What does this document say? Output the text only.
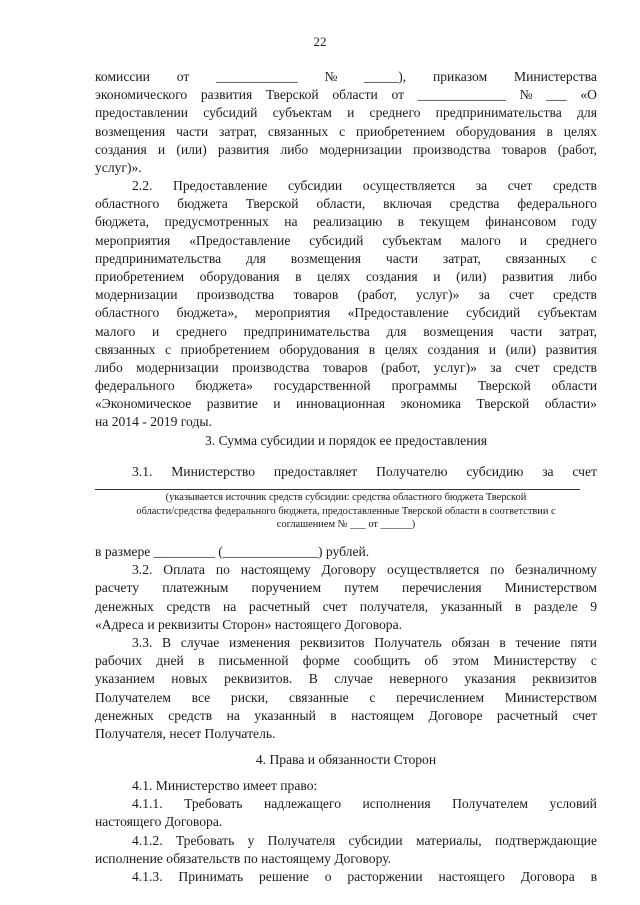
22
комиссии от ____________ № _____), приказом Министерства
экономического развития Тверской области от _____________ № ___ «О
предоставлении субсидий субъектам и среднего предпринимательства для
возмещения части затрат, связанных с приобретением оборудования в целях
создания и (или) развития либо модернизации производства товаров (работ,
услуг)».
2.2. Предоставление субсидии осуществляется за счет средств
областного бюджета Тверской области, включая средства федерального
бюджета, предусмотренных на реализацию в текущем финансовом году
мероприятия «Предоставление субсидий субъектам малого и среднего
предпринимательства для возмещения части затрат, связанных с
приобретением оборудования в целях создания и (или) развития либо
модернизации производства товаров (работ, услуг)» за счет средств
областного бюджета», мероприятия «Предоставление субсидий субъектам
малого и среднего предпринимательства для возмещения части затрат,
связанных с приобретением оборудования в целях создания и (или) развития
либо модернизации производства товаров (работ, услуг)» за счет средств
федерального бюджета» государственной программы Тверской области
«Экономическое развитие и инновационная экономика Тверской области»
на 2014 - 2019 годы.
3. Сумма субсидии и порядок ее предоставления
3.1. Министерство предоставляет Получателю субсидию за счет
(указывается источник средств субсидии: средства областного бюджета Тверской
области/средства федерального бюджета, предоставленные Тверской области в соответствии с
соглашением № ___ от ______)
в размере _________ (______________) рублей.
3.2. Оплата по настоящему Договору осуществляется по безналичному
расчету платежным поручением путем перечисления Министерством
денежных средств на расчетный счет получателя, указанный в разделе 9
«Адреса и реквизиты Сторон» настоящего Договора.
3.3. В случае изменения реквизитов Получатель обязан в течение пяти
рабочих дней в письменной форме сообщить об этом Министерству с
указанием новых реквизитов. В случае неверного указания реквизитов
Получателем все риски, связанные с перечислением Министерством
денежных средств на указанный в настоящем Договоре расчетный счет
Получателя, несет Получатель.
4. Права и обязанности Сторон
4.1. Министерство имеет право:
4.1.1. Требовать надлежащего исполнения Получателем условий
настоящего Договора.
4.1.2. Требовать у Получателя субсидии материалы, подтверждающие
исполнение обязательств по настоящему Договору.
4.1.3. Принимать решение о расторжении настоящего Договора в
